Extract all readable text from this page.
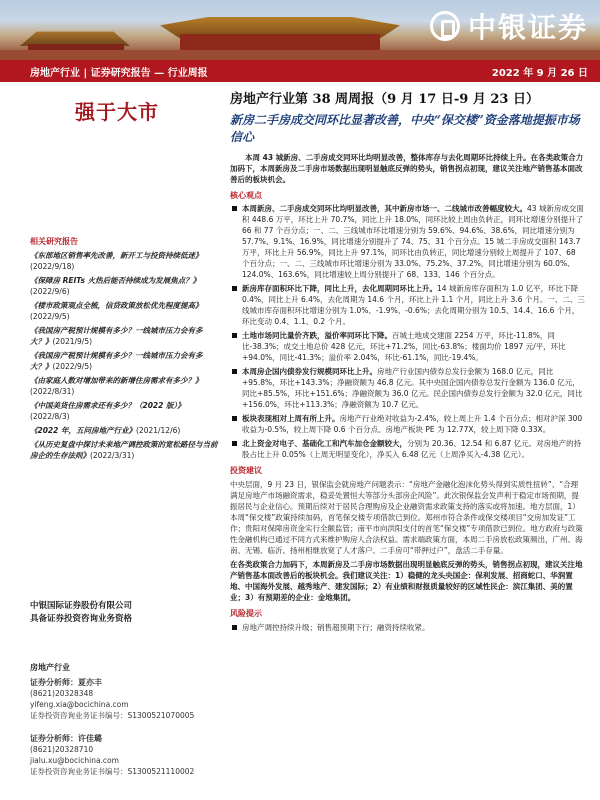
中银证券
房地产行业 | 证券研究报告 — 行业周报	2022 年 9 月 26 日
强于大市
相关研究报告
《东部地区销售率先改善，新开工与投资持续低迷》(2022/9/18)
《保障房 REITs 火热后能否持续成为发展焦点？》(2022/9/6)
《楼市政策观点全梳，信贷政策放松优先程度提高》(2022/9/5)
《我国房产税预计规模有多少？一线城市压力会有多大？》(2021/9/5)
《我国房产税预计规模有多少？一线城市压力会有多大？》(2022/9/5)
《由家庭人数对增加带来的新增住房需求有多少？》(2022/8/31)
《中国美货住房需求还有多少？（2022 版）》(2022/8/3)
《2022 年，五问房地产行业》(2021/12/6)
《从历史复盘中探讨未来地产调控政策的宽松路径与当前房企的生存法则》(2022/3/31)
中银国际证券股份有限公司
具备证券投资咨询业务资格
房地产行业
证券分析师：夏亦丰
(8621)20328348
yifeng.xia@bocichina.com
证券投资咨询业务证书编号：S1300521070005
证券分析师：许佳璐
(8621)20328710
jialu.xu@bocichina.com
证券投资咨询业务证书编号：S1300521110002
房地产行业第 38 周周报（9 月 17 日-9 月 23 日）
新房二手房成交同环比显著改善，中央“保交楼”资金落地提振市场信心
本周 43 城新房、二手房成交同环比均明显改善，整体库存与去化周期环比持续上升。在各类政策合力加码下，本周新房及二手房市场数据出现明显触底反弹的势头，销售拐点初现，建议关注地产销售基本面改善后的板块机会。
核心观点
本周新房、二手房成交同环比均明显改善，其中新房市场一、二线城市改善幅度较大。43 城新房成交面积 448.6 万平，环比上升 70.7%，同比上升 18.0%，同环比较上周由负转正，同环比增速分别提升了 66 和 77 个百分点；一、二、三线城市环比增速分别为 59.6%、94.6%、38.6%，同比增速分别为 57.7%、9.1%、16.9%，同比增速分别提升了 74、75、31 个百分点。15 城二手房成交面积 143.7 万平，环比上升 56.9%，同比上升 97.1%，同环比由负转正，同比增速分别较上周提升了 107、68 个百分点；一、二、三线城市环比增速分别为 33.0%、75.2%、37.2%，同比增速分别为 60.0%、124.0%、163.6%，同比增速较上周分别提升了 68、133、146 个百分点。
新房库存面积环比下降，同比上升，去化周期同环比上升。14 城新房库存面积为 1.0 亿平，环比下降 0.4%，同比上升 6.4%，去化周期为 14.6 个月，环比上升 1.1 个月，同比上升 3.6 个月。一、二、三线城市库存面积环比增速分别为 1.0%、-1.9%、-0.6%；去化周期分别为 10.5、14.4、16.6 个月，环比变动 0.4、1.1、0.2 个月。
土地市场同比量价齐跌，溢价率同环比下降。百城土地成交建面 2254 万平，环比-11.8%，同比-38.3%；成交土地总价 428 亿元，环比+71.2%，同比-63.8%；楼面均价 1897 元/平，环比+94.0%，同比-41.3%；溢价率 2.04%，环比-61.1%，同比-19.4%。
本周房企国内债券发行规模同环比上升。房地产行业国内债券总发行金额为 168.0 亿元，同比+95.8%，环比+143.3%；净融资额为 46.8 亿元。其中央国企国内债券总发行金额为 136.0 亿元，同比+85.5%，环比+151.6%；净融资额为 36.0 亿元。民企国内债券总发行金额为 32.0 亿元，同比+156.0%，环比+113.3%；净融资额为 10.7 亿元。
板块表现相对上周有所上升。房地产行业绝对收益为-2.4%，较上周上升 1.4 个百分点；相对沪深 300 收益为-0.5%，较上周下降 0.6 个百分点。房地产板块 PE 为 12.77X，较上周下降 0.33X。
北上资金对电子、基础化工和汽车加仓金额较大，分别为 20.36、12.54 和 6.87 亿元。对房地产的持股占比上升 0.05%（上周无明显变化），净买入 6.48 亿元（上周净买入-4.38 亿元）。
投资建议
中央层面，9 月 23 日，银保监会就房地产问题表示：“房地产金融化泡沫化势头得到实质性扭转”、“合理满足房地产市场融资需求，稳妥处置恒大等部分头部房企风险”。此次银保监会发声利于稳定市场预期，提振居民与企业信心。预期后续对于居民合理购房及企业融资需求政策支持的落实或将加速。地方层面，1）本周“保交楼”政策持续加码，首笔保交楼专项借款已到位。郑州市符合条件或保交楼项目“交房加发证”工作；贵阳对保障房资金实行全额监管；南平市向洪阳支付的首笔“保交楼”专项借款已到位。地方政府与政策性金融机构已通过不同方式来维护购房人合法权益。需求端政策方面，本周二手房放松政策频出，广州、海南、无锡、临沂、扬州相继放宽了人才落户、二手房可“带押过户”，盘活二手存量。
在各类政策合力加码下，本周新房及二手房市场数据出现明显触底反弹的势头，销售拐点初现，建议关注地产销售基本面改善后的板块机会。我们建议关注：1）稳健的龙头央国企：保利发展、招商蛇口、华润置地、中国海外发展、越秀地产、建发国际；2）有业绩和财报质量较好的区域性民企：滨江集团、美的置业；3）有预期差的企业：金地集团。
风险提示
房地产调控持续升级；销售超预期下行；融资持续收紧。
